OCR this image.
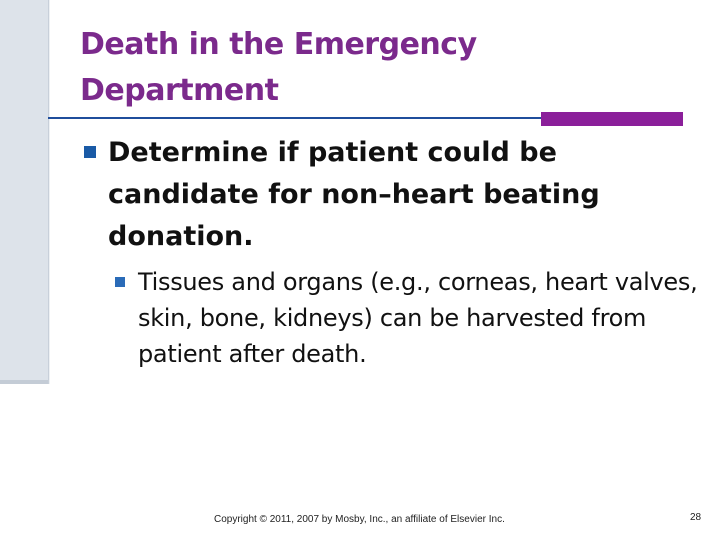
Death in the Emergency Department
Determine if patient could be candidate for non–heart beating donation.
Tissues and organs (e.g., corneas, heart valves, skin, bone, kidneys) can be harvested from patient after death.
Copyright © 2011, 2007 by Mosby, Inc., an affiliate of Elsevier Inc.	28
